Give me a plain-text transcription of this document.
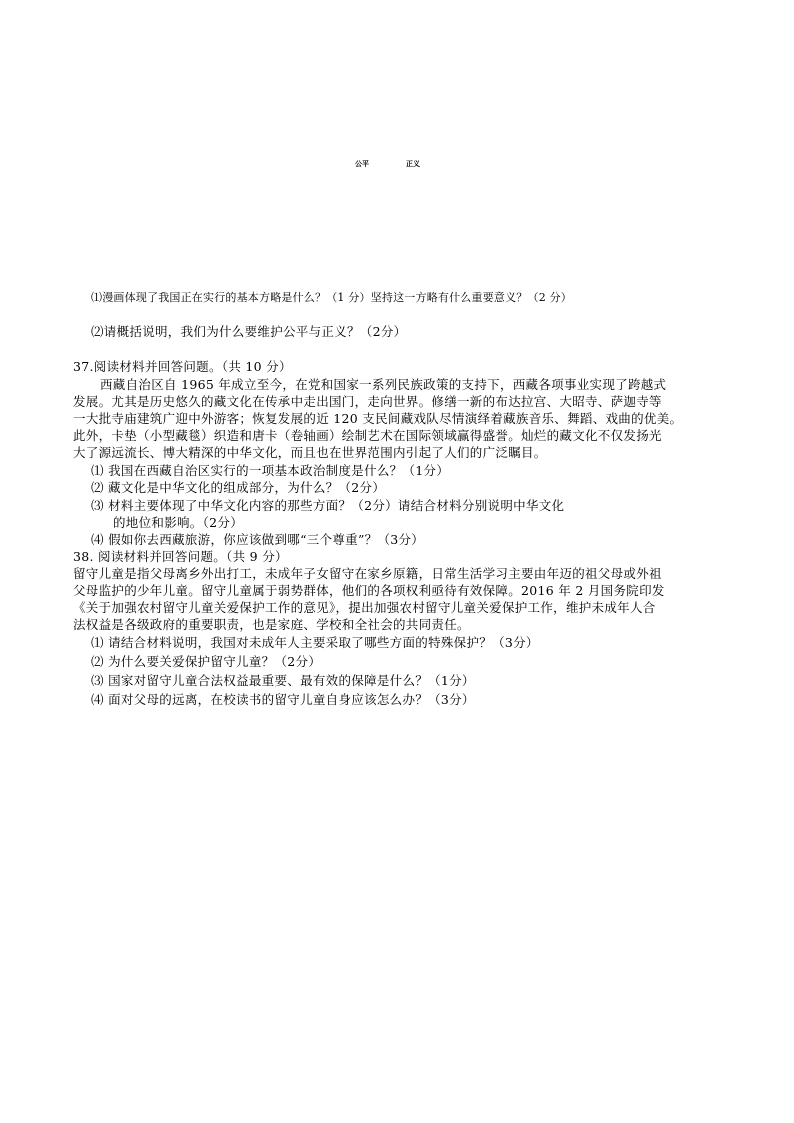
公平	正义
⑴漫画体现了我国正在实行的基本方略是什么？（1 分）坚持这一方略有什么重要意义？（2 分）
⑵请概括说明，我们为什么要维护公平与正义？（2分）
37.阅读材料并回答问题。（共 10 分）
西藏自治区自 1965 年成立至今，在党和国家一系列民族政策的支持下，西藏各项事业实现了跨越式
发展。尤其是历史悠久的藏文化在传承中走出国门，走向世界。修缮一新的布达拉宫、大昭寺、萨迦寺等
一大批寺庙建筑广迎中外游客；恢复发展的近 120 支民间藏戏队尽情演绎着藏族音乐、舞蹈、戏曲的优美。
此外，卡垫（小型藏毯）织造和唐卡（卷轴画）绘制艺术在国际领域赢得盛誉。灿烂的藏文化不仅发扬光
大了源远流长、博大精深的中华文化，而且也在世界范围内引起了人们的广泛瞩目。
⑴ 我国在西藏自治区实行的一项基本政治制度是什么？（1分）
⑵ 藏文化是中华文化的组成部分，为什么？（2分）
⑶ 材料主要体现了中华文化内容的那些方面？（2分）请结合材料分别说明中华文化
的地位和影响。（2分）
⑷ 假如你去西藏旅游，你应该做到哪“三个尊重”？（3分）
38. 阅读材料并回答问题。（共 9 分）
留守儿童是指父母离乡外出打工，未成年子女留守在家乡原籍，日常生活学习主要由年迈的祖父母或外祖
父母监护的少年儿童。留守儿童属于弱势群体，他们的各项权利亟待有效保障。2016 年 2 月国务院印发
《关于加强农村留守儿童关爱保护工作的意见》，提出加强农村留守儿童关爱保护工作，维护未成年人合
法权益是各级政府的重要职责，也是家庭、学校和全社会的共同责任。
⑴ 请结合材料说明，我国对未成年人主要采取了哪些方面的特殊保护？（3分）
⑵ 为什么要关爱保护留守儿童？（2分）
⑶ 国家对留守儿童合法权益最重要、最有效的保障是什么？（1分）
⑷ 面对父母的远离，在校读书的留守儿童自身应该怎么办？（3分）
